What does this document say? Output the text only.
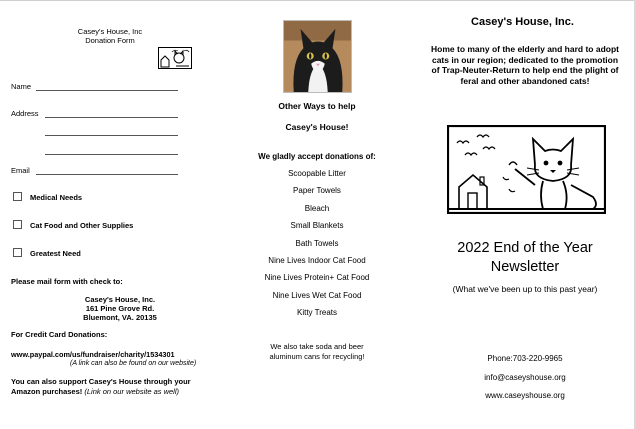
Casey's House, Inc
Donation Form
Name
Address
Email
Medical Needs
Cat Food and Other Supplies
Greatest Need
Please mail form with check to:
Casey's House, Inc.
161 Pine Grove Rd.
Bluemont, VA. 20135
For Credit Card Donations:
www.paypal.com/us/fundraiser/charity/1534301
(A link can also be found on our website)
You can also support Casey's House through your Amazon purchases! (Link on our website as well)
Other Ways to help
Casey's House!
We gladly accept donations of:
Scoopable Litter
Paper Towels
Bleach
Small Blankets
Bath Towels
Nine Lives Indoor Cat Food
Nine Lives Protein+ Cat Food
Nine Lives Wet Cat Food
Kitty Treats
We also take soda and beer
aluminum cans for recycling!
Casey's House, Inc.
Home to many of the elderly and hard to adopt cats in our region; dedicated to the promotion of Trap-Neuter-Return to help end the plight of feral and other abandoned cats!
2022 End of the Year
Newsletter
(What we've been up to this past year)
Phone:703-220-9965
info@caseyshouse.org
www.caseyshouse.org
